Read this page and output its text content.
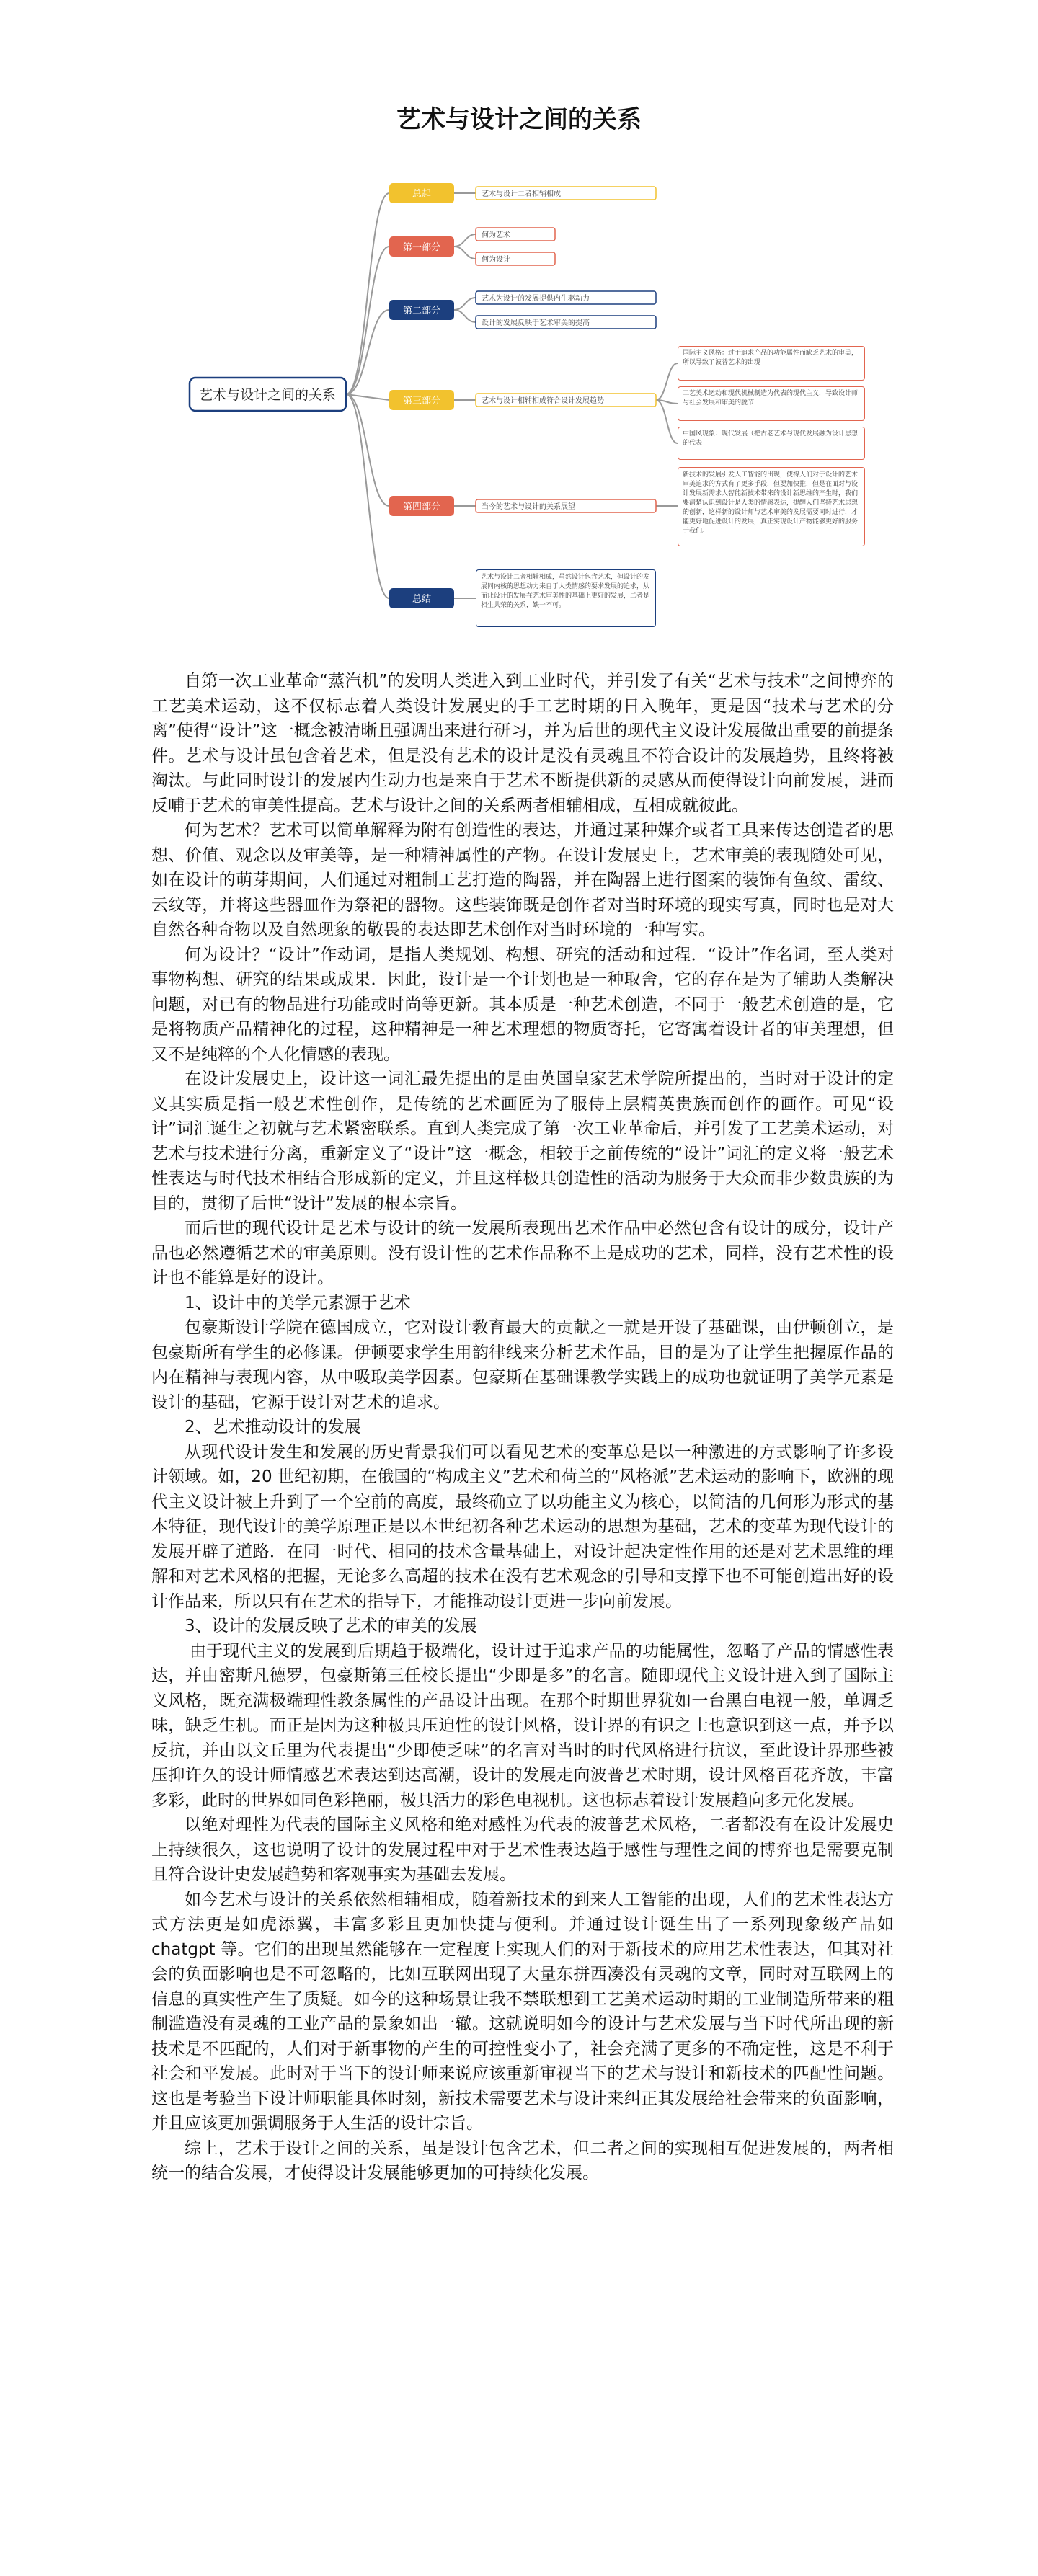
艺术与设计之间的关系
艺术与设计之间的关系
总起	艺术与设计二者相辅相成
第一部分
何为艺术
何为设计
第二部分
艺术为设计的发展提供内生驱动力
设计的发展反映于艺术审美的提高
第三部分	艺术与设计相辅相成符合设计发展趋势
国际主义风格：过于追求产品的功能属性而缺乏艺术的审美，所以导致了波普艺术的出现
工艺美术运动和现代机械制造为代表的现代主义，导致设计师与社会发展和审美的脱节
中国风现象：现代发展（把古老艺术与现代发展融为设计思想的代表
第四部分	当今的艺术与设计的关系展望
新技术的发展引发人工智能的出现，使得人们对于设计的艺术审美追求的方式有了更多手段，但要加快推，但是在面对与设计发展新需求人智能新技术带来的设计新思维的产生时，我们要清楚认识到设计是人类的情感表达，提醒人们坚持艺术思想的创新，这样新的设计师与艺术审美的发展需要同时进行，才能更好地促进设计的发展，真正实现设计产物能够更好的服务于我们。
总结
艺术与设计二者相辅相成，虽然设计包含艺术，但设计的发展同内核的思想动力来自于人类情感的要求发展的追求，从而让设计的发展在艺术审美性的基础上更好的发展，二者是相生共荣的关系，缺一不可。

自第一次工业革命“蒸汽机”的发明人类进入到工业时代，并引发了有关“艺术与技术”之间博弈的工艺美术运动，这不仅标志着人类设计发展史的手工艺时期的日入晚年，更是因“技术与艺术的分离”使得“设计”这一概念被清晰且强调出来进行研习，并为后世的现代主义设计发展做出重要的前提条件。艺术与设计虽包含着艺术，但是没有艺术的设计是没有灵魂且不符合设计的发展趋势，且终将被淘汰。与此同时设计的发展内生动力也是来自于艺术不断提供新的灵感从而使得设计向前发展，进而反哺于艺术的审美性提高。艺术与设计之间的关系两者相辅相成，互相成就彼此。

何为艺术？艺术可以简单解释为附有创造性的表达，并通过某种媒介或者工具来传达创造者的思想、价值、观念以及审美等，是一种精神属性的产物。在设计发展史上，艺术审美的表现随处可见，如在设计的萌芽期间，人们通过对粗制工艺打造的陶器，并在陶器上进行图案的装饰有鱼纹、雷纹、云纹等，并将这些器皿作为祭祀的器物。这些装饰既是创作者对当时环境的现实写真，同时也是对大自然各种奇物以及自然现象的敬畏的表达即艺术创作对当时环境的一种写实。

何为设计？“设计”作动词，是指人类规划、构想、研究的活动和过程．“设计”作名词，至人类对事物构想、研究的结果或成果．因此，设计是一个计划也是一种取舍，它的存在是为了辅助人类解决问题，对已有的物品进行功能或时尚等更新。其本质是一种艺术创造，不同于一般艺术创造的是，它是将物质产品精神化的过程，这种精神是一种艺术理想的物质寄托，它寄寓着设计者的审美理想，但又不是纯粹的个人化情感的表现。

在设计发展史上，设计这一词汇最先提出的是由英国皇家艺术学院所提出的，当时对于设计的定义其实质是指一般艺术性创作，是传统的艺术画匠为了服侍上层精英贵族而创作的画作。可见“设计”词汇诞生之初就与艺术紧密联系。直到人类完成了第一次工业革命后，并引发了工艺美术运动，对艺术与技术进行分离，重新定义了“设计”这一概念，相较于之前传统的“设计”词汇的定义将一般艺术性表达与时代技术相结合形成新的定义，并且这样极具创造性的活动为服务于大众而非少数贵族的为目的，贯彻了后世“设计”发展的根本宗旨。

而后世的现代设计是艺术与设计的统一发展所表现出艺术作品中必然包含有设计的成分，设计产品也必然遵循艺术的审美原则。没有设计性的艺术作品称不上是成功的艺术，同样，没有艺术性的设计也不能算是好的设计。

1、设计中的美学元素源于艺术

包豪斯设计学院在德国成立，它对设计教育最大的贡献之一就是开设了基础课，由伊顿创立，是包豪斯所有学生的必修课。伊顿要求学生用韵律线来分析艺术作品，目的是为了让学生把握原作品的内在精神与表现内容，从中吸取美学因素。包豪斯在基础课教学实践上的成功也就证明了美学元素是设计的基础，它源于设计对艺术的追求。

2、艺术推动设计的发展

从现代设计发生和发展的历史背景我们可以看见艺术的变革总是以一种激进的方式影响了许多设计领域。如，20 世纪初期，在俄国的“构成主义”艺术和荷兰的“风格派”艺术运动的影响下，欧洲的现代主义设计被上升到了一个空前的高度，最终确立了以功能主义为核心，以简洁的几何形为形式的基本特征，现代设计的美学原理正是以本世纪初各种艺术运动的思想为基础，艺术的变革为现代设计的发展开辟了道路．在同一时代、相同的技术含量基础上，对设计起决定性作用的还是对艺术思维的理解和对艺术风格的把握，无论多么高超的技术在没有艺术观念的引导和支撑下也不可能创造出好的设计作品来，所以只有在艺术的指导下，才能推动设计更进一步向前发展。

3、设计的发展反映了艺术的审美的发展

由于现代主义的发展到后期趋于极端化，设计过于追求产品的功能属性，忽略了产品的情感性表达，并由密斯凡德罗，包豪斯第三任校长提出“少即是多”的名言。随即现代主义设计进入到了国际主义风格，既充满极端理性教条属性的产品设计出现。在那个时期世界犹如一台黑白电视一般，单调乏味，缺乏生机。而正是因为这种极具压迫性的设计风格，设计界的有识之士也意识到这一点，并予以反抗，并由以文丘里为代表提出“少即使乏味”的名言对当时的时代风格进行抗议，至此设计界那些被压抑许久的设计师情感艺术表达到达高潮，设计的发展走向波普艺术时期，设计风格百花齐放，丰富多彩，此时的世界如同色彩艳丽，极具活力的彩色电视机。这也标志着设计发展趋向多元化发展。

以绝对理性为代表的国际主义风格和绝对感性为代表的波普艺术风格，二者都没有在设计发展史上持续很久，这也说明了设计的发展过程中对于艺术性表达趋于感性与理性之间的博弈也是需要克制且符合设计史发展趋势和客观事实为基础去发展。

如今艺术与设计的关系依然相辅相成，随着新技术的到来人工智能的出现，人们的艺术性表达方式方法更是如虎添翼，丰富多彩且更加快捷与便利。并通过设计诞生出了一系列现象级产品如 chatgpt 等。它们的出现虽然能够在一定程度上实现人们的对于新技术的应用艺术性表达，但其对社会的负面影响也是不可忽略的，比如互联网出现了大量东拼西凑没有灵魂的文章，同时对互联网上的信息的真实性产生了质疑。如今的这种场景让我不禁联想到工艺美术运动时期的工业制造所带来的粗制滥造没有灵魂的工业产品的景象如出一辙。这就说明如今的设计与艺术发展与当下时代所出现的新技术是不匹配的，人们对于新事物的产生的可控性变小了，社会充满了更多的不确定性，这是不利于社会和平发展。此时对于当下的设计师来说应该重新审视当下的艺术与设计和新技术的匹配性问题。这也是考验当下设计师职能具体时刻，新技术需要艺术与设计来纠正其发展给社会带来的负面影响，并且应该更加强调服务于人生活的设计宗旨。

综上，艺术于设计之间的关系，虽是设计包含艺术，但二者之间的实现相互促进发展的，两者相统一的结合发展，才使得设计发展能够更加的可持续化发展。
